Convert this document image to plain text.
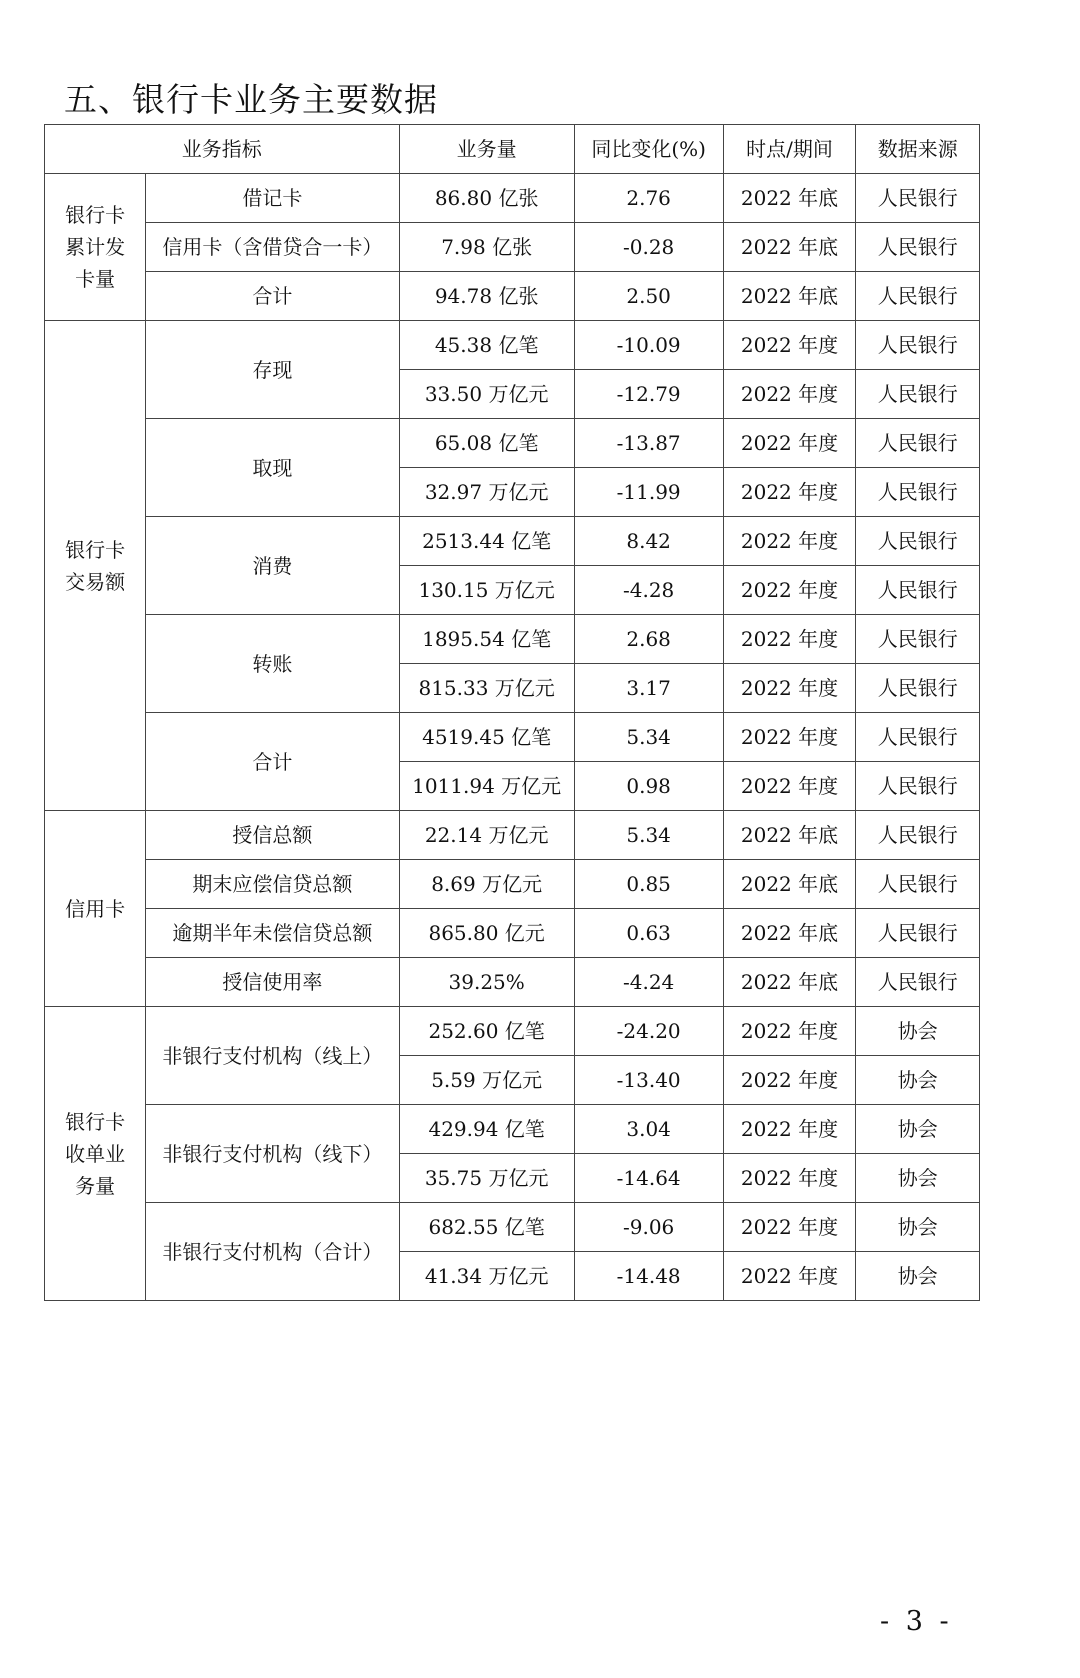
五、银行卡业务主要数据
业务指标		业务量	同比变化(%)	时点/期间	数据来源
银行卡累计发卡量	借记卡	86.80 亿张	2.76	2022 年底	人民银行
	信用卡（含借贷合一卡）	7.98 亿张	-0.28	2022 年底	人民银行
	合计	94.78 亿张	2.50	2022 年底	人民银行
银行卡交易额	存现	45.38 亿笔	-10.09	2022 年度	人民银行
		33.50 万亿元	-12.79	2022 年度	人民银行
	取现	65.08 亿笔	-13.87	2022 年度	人民银行
		32.97 万亿元	-11.99	2022 年度	人民银行
	消费	2513.44 亿笔	8.42	2022 年度	人民银行
		130.15 万亿元	-4.28	2022 年度	人民银行
	转账	1895.54 亿笔	2.68	2022 年度	人民银行
		815.33 万亿元	3.17	2022 年度	人民银行
	合计	4519.45 亿笔	5.34	2022 年度	人民银行
		1011.94 万亿元	0.98	2022 年度	人民银行
信用卡	授信总额	22.14 万亿元	5.34	2022 年底	人民银行
	期末应偿信贷总额	8.69 万亿元	0.85	2022 年底	人民银行
	逾期半年未偿信贷总额	865.80 亿元	0.63	2022 年底	人民银行
	授信使用率	39.25%	-4.24	2022 年底	人民银行
银行卡收单业务量	非银行支付机构（线上）	252.60 亿笔	-24.20	2022 年度	协会
		5.59 万亿元	-13.40	2022 年度	协会
	非银行支付机构（线下）	429.94 亿笔	3.04	2022 年度	协会
		35.75 万亿元	-14.64	2022 年度	协会
	非银行支付机构（合计）	682.55 亿笔	-9.06	2022 年度	协会
		41.34 万亿元	-14.48	2022 年度	协会
- 3 -
